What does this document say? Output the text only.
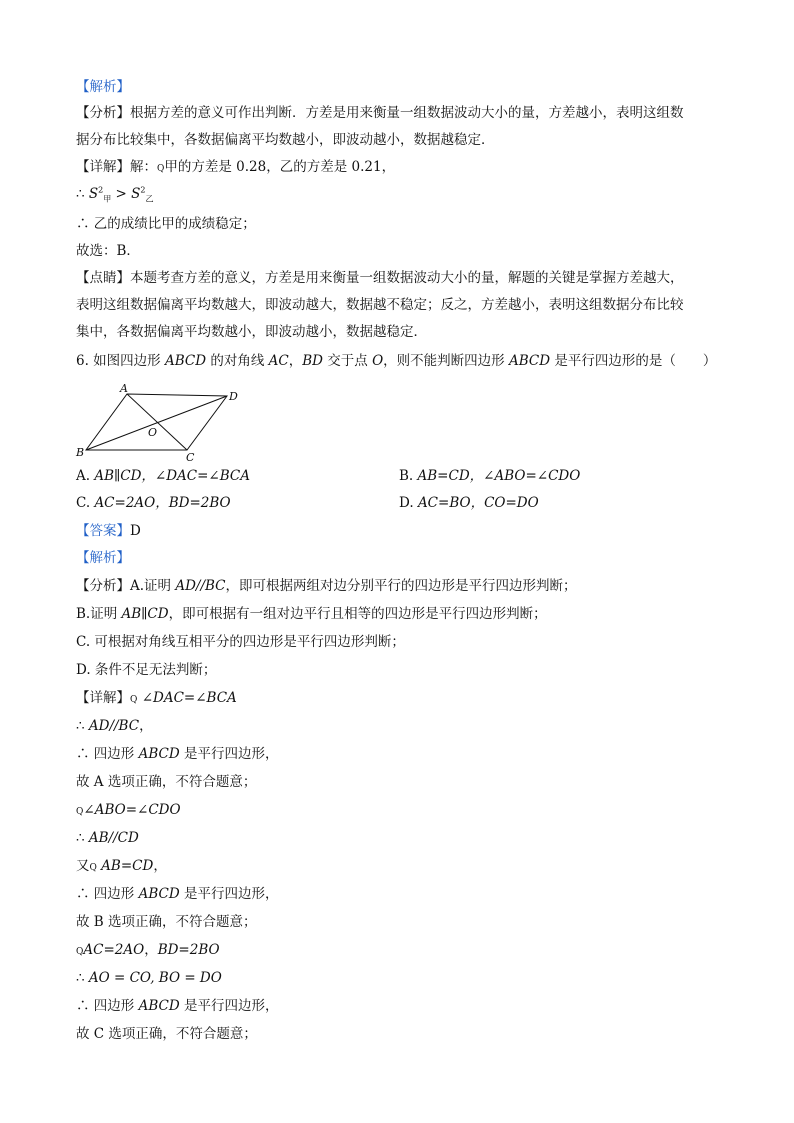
【解析】
【分析】根据方差的意义可作出判断．方差是用来衡量一组数据波动大小的量，方差越小，表明这组数
据分布比较集中，各数据偏离平均数越小，即波动越小，数据越稳定．
【详解】解：Q甲的方差是 0.28，乙的方差是 0.21，
∴ $S^2_甲 > S^2_乙$
∴ 乙的成绩比甲的成绩稳定；
故选：B．
【点睛】本题考查方差的意义，方差是用来衡量一组数据波动大小的量，解题的关键是掌握方差越大，
表明这组数据偏离平均数越大，即波动越大，数据越不稳定；反之，方差越小，表明这组数据分布比较
集中，各数据偏离平均数越小，即波动越小，数据越稳定．
6. 如图四边形 ABCD 的对角线 AC，BD 交于点 O，则不能判断四边形 ABCD 是平行四边形的是（　　）
A
D
B	C
O
A. AB∥CD，∠DAC=∠BCA	B. AB=CD，∠ABO=∠CDO
C. AC=2AO，BD=2BO	D. AC=BO，CO=DO
【答案】D
【解析】
【分析】A.证明 AD//BC，即可根据两组对边分别平行的四边形是平行四边形判断；
B.证明 AB∥CD，即可根据有一组对边平行且相等的四边形是平行四边形判断；
C. 可根据对角线互相平分的四边形是平行四边形判断；
D. 条件不足无法判断；
【详解】Q ∠DAC=∠BCA
∴ AD//BC，
∴ 四边形 ABCD 是平行四边形，
故 A 选项正确，不符合题意；
Q∠ABO=∠CDO
∴ AB//CD
又Q AB=CD，
∴ 四边形 ABCD 是平行四边形，
故 B 选项正确，不符合题意；
QAC=2AO，BD=2BO
∴ AO = CO, BO = DO
∴ 四边形 ABCD 是平行四边形，
故 C 选项正确，不符合题意；
